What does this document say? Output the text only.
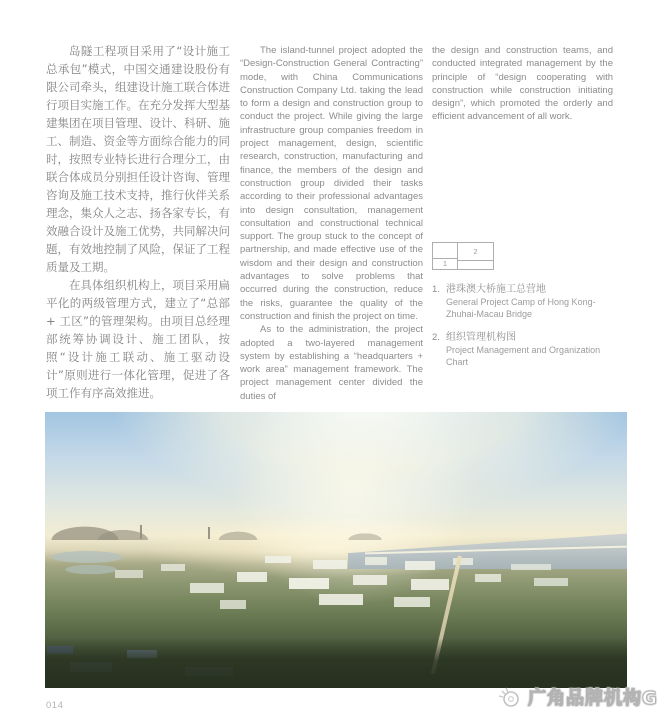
岛隧工程项目采用了“设计施工总承包”模式，中国交通建设股份有限公司牵头，组建设计施工联合体进行项目实施工作。在充分发挥大型基建集团在项目管理、设计、科研、施工、制造、资金等方面综合能力的同时，按照专业特长进行合理分工，由联合体成员分别担任设计咨询、管理咨询及施工技术支持，推行伙伴关系理念，集众人之志、扬各家专长，有效融合设计及施工优势，共同解决问题，有效地控制了风险，保证了工程质量及工期。

在具体组织机构上，项目采用扁平化的两级管理方式，建立了“总部 + 工区”的管理架构。由项目总经理部统筹协调设计、施工团队，按照“设计施工联动、施工驱动设计”原则进行一体化管理，促进了各项工作有序高效推进。

The island-tunnel project adopted the “Design-Construction General Contracting” mode, with China Communications Construction Company Ltd. taking the lead to form a design and construction group to conduct the project. While giving the large infrastructure group companies freedom in project management, design, scientific research, construction, manufacturing and finance, the members of the design and construction group divided their tasks according to their professional advantages into design consultation, management consultation and constructional technical support. The group stuck to the concept of partnership, and made effective use of the wisdom and their design and construction advantages to solve problems that occurred during the construction, reduce the risks, guarantee the quality of the construction and finish the project on time.

As to the administration, the project adopted a two-layered management system by establishing a “headquarters + work area” management framework. The project management center divided the duties of

the design and construction teams, and conducted integrated management by the principle of “design cooperating with construction while construction initiating design”, which promoted the orderly and efficient advancement of all work.

1
2
1. 港珠澳大桥施工总营地
General Project Camp of Hong Kong-Zhuhai-Macau Bridge
2. 组织管理机构图
Project Management and Organization Chart
014	广角品牌机构G
